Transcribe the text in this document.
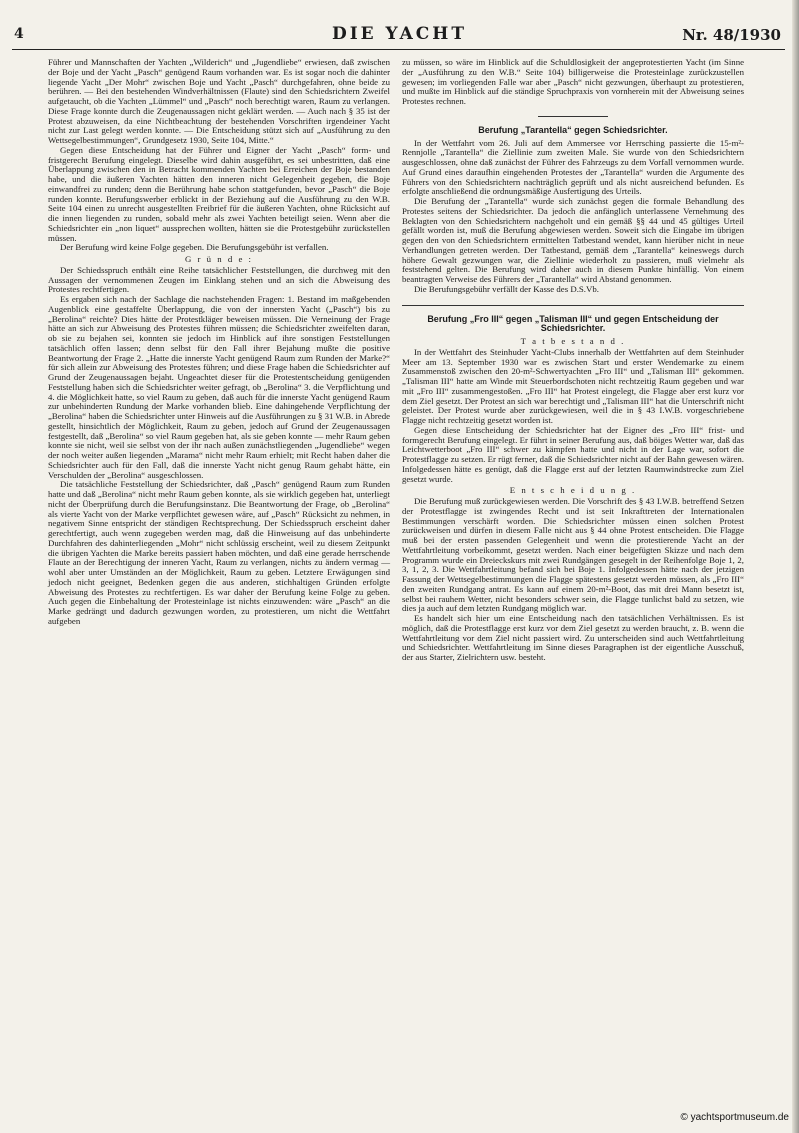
4	DIE YACHT	Nr. 48/1930

Führer und Mannschaften der Yachten „Wilderich“ und „Jugendliebe“ erwiesen, daß zwischen der Boje und der Yacht „Pasch“ genügend Raum vorhanden war. Es ist sogar noch die dahinter liegende Yacht „Der Mohr“ zwischen Boje und Yacht „Pasch“ durchgefahren, ohne beide zu berühren. — Bei den bestehenden Windverhältnissen (Flaute) sind den Schiedsrichtern Zweifel aufgetaucht, ob die Yachten „Lümmel“ und „Pasch“ noch berechtigt waren, Raum zu verlangen. Diese Frage konnte durch die Zeugenaussagen nicht geklärt werden. — Auch nach § 35 ist der Protest abzuweisen, da eine Nichtbeachtung der bestehenden Vorschriften irgendeiner Yacht nicht zur Last gelegt werden konnte. — Die Entscheidung stützt sich auf „Ausführung zu den Wettsegelbestimmungen“, Grundgesetz 1930, Seite 104, Mitte.“

Gegen diese Entscheidung hat der Führer und Eigner der Yacht „Pasch“ form- und fristgerecht Berufung eingelegt. Dieselbe wird dahin ausgeführt, es sei unbestritten, daß eine Überlappung zwischen den in Betracht kommenden Yachten bei Erreichen der Boje bestanden habe, und die äußeren Yachten hätten den inneren nicht Gelegenheit gegeben, die Boje einwandfrei zu runden; denn die Berührung habe schon stattgefunden, bevor „Pasch“ die Boje runden konnte. Berufungswerber erblickt in der Beziehung auf die Ausführung zu den W.B. Seite 104 einen zu unrecht ausgestellten Freibrief für die äußeren Yachten, ohne Rücksicht auf die innen liegenden zu runden, sobald mehr als zwei Yachten beteiligt seien. Wenn aber die Schiedsrichter ein „non liquet“ aussprechen wollten, hätten sie die Protestgebühr zurückstellen müssen.

Der Berufung wird keine Folge gegeben. Die Berufungsgebühr ist verfallen.

G r ü n d e :

Der Schiedsspruch enthält eine Reihe tatsächlicher Feststellungen, die durchweg mit den Aussagen der vernommenen Zeugen im Einklang stehen und an sich die Abweisung des Protestes rechtfertigen.

Es ergaben sich nach der Sachlage die nachstehenden Fragen: 1. Bestand im maßgebenden Augenblick eine gestaffelte Überlappung, die von der innersten Yacht („Pasch“) bis zu „Berolina“ reichte? Dies hätte der Protestkläger beweisen müssen. Die Verneinung der Frage hätte an sich zur Abweisung des Protestes führen müssen; die Schiedsrichter zweifelten daran, ob sie zu bejahen sei, konnten sie jedoch im Hinblick auf ihre sonstigen Feststellungen tatsächlich offen lassen; denn selbst für den Fall ihrer Bejahung mußte die positive Beantwortung der Frage 2. „Hatte die innerste Yacht genügend Raum zum Runden der Marke?“ für sich allein zur Abweisung des Protestes führen; und diese Frage haben die Schiedsrichter auf Grund der Zeugenaussagen bejaht. Ungeachtet dieser für die Protestentscheidung genügenden Feststellung haben sich die Schiedsrichter weiter gefragt, ob „Berolina“ 3. die Verpflichtung und 4. die Möglichkeit hatte, so viel Raum zu geben, daß auch für die innerste Yacht genügend Raum zur unbehinderten Rundung der Marke vorhanden blieb. Eine dahingehende Verpflichtung der „Berolina“ haben die Schiedsrichter unter Hinweis auf die Ausführungen zu § 31 W.B. in Abrede gestellt, hinsichtlich der Möglichkeit, Raum zu geben, jedoch auf Grund der Zeugenaussagen festgestellt, daß „Berolina“ so viel Raum gegeben hat, als sie geben konnte — mehr Raum geben konnte sie nicht, weil sie selbst von der ihr nach außen zunächstliegenden „Jugendliebe“ wegen der noch weiter außen liegenden „Marama“ nicht mehr Raum erhielt; mit Recht haben daher die Schiedsrichter auch für den Fall, daß die innerste Yacht nicht genug Raum gehabt hätte, ein Verschulden der „Berolina“ ausgeschlossen.

Die tatsächliche Feststellung der Schiedsrichter, daß „Pasch“ genügend Raum zum Runden hatte und daß „Berolina“ nicht mehr Raum geben konnte, als sie wirklich gegeben hat, unterliegt nicht der Überprüfung durch die Berufungsinstanz. Die Beantwortung der Frage, ob „Berolina“ als vierte Yacht von der Marke verpflichtet gewesen wäre, auf „Pasch“ Rücksicht zu nehmen, in negativem Sinne entspricht der ständigen Rechtsprechung. Der Schiedsspruch erscheint daher gerechtfertigt, auch wenn zugegeben werden mag, daß die Hinweisung auf das unbehinderte Durchfahren des dahinterliegenden „Mohr“ nicht schlüssig erscheint, weil zu diesem Zeitpunkt die übrigen Yachten die Marke bereits passiert haben möchten, und daß eine gerade herrschende Flaute an der Berechtigung der inneren Yacht, Raum zu verlangen, nichts zu ändern vermag — wohl aber unter Umständen an der Möglichkeit, Raum zu geben. Letztere Erwägungen sind jedoch nicht geeignet, Bedenken gegen die aus anderen, stichhaltigen Gründen erfolgte Abweisung des Protestes zu rechtfertigen. Es war daher der Berufung keine Folge zu geben. Auch gegen die Einbehaltung der Protesteinlage ist nichts einzuwenden: wäre „Pasch“ an die Marke gedrängt und dadurch gezwungen worden, zu protestieren, um nicht die Wettfahrt aufgeben

zu müssen, so wäre im Hinblick auf die Schuldlosigkeit der angeprotestierten Yacht (im Sinne der „Ausführung zu den W.B.“ Seite 104) billigerweise die Protesteinlage zurückzustellen gewesen; im vorliegenden Falle war aber „Pasch“ nicht gezwungen, überhaupt zu protestieren, und mußte im Hinblick auf die ständige Spruchpraxis von vornherein mit der Abweisung seines Protestes rechnen.

Berufung „Tarantella“ gegen Schiedsrichter.

In der Wettfahrt vom 26. Juli auf dem Ammersee vor Herrsching passierte die 15-m²-Rennjolle „Tarantella“ die Ziellinie zum zweiten Male. Sie wurde von den Schiedsrichtern ausgeschlossen, ohne daß zunächst der Führer des Fahrzeugs zu dem Vorfall vernommen wurde. Auf Grund eines daraufhin eingehenden Protestes der „Tarantella“ wurden die Argumente des Führers von den Schiedsrichtern nachträglich geprüft und als nicht ausreichend befunden. Es erfolgte anschließend die ordnungsmäßige Ausfertigung des Urteils.

Die Berufung der „Tarantella“ wurde sich zunächst gegen die formale Behandlung des Protestes seitens der Schiedsrichter. Da jedoch die anfänglich unterlassene Vernehmung des Beklagten von den Schiedsrichtern nachgeholt und ein gemäß §§ 44 und 45 gültiges Urteil gefällt worden ist, muß die Berufung abgewiesen werden. Soweit sich die Eingabe im übrigen gegen den von den Schiedsrichtern ermittelten Tatbestand wendet, kann hierüber nicht in neue Verhandlungen getreten werden. Der Tatbestand, gemäß dem „Tarantella“ keineswegs durch höhere Gewalt gezwungen war, die Ziellinie wiederholt zu passieren, muß vielmehr als feststehend gelten. Die Berufung wird daher auch in diesem Punkte hinfällig. Von einem beantragten Verweise des Führers der „Tarantella“ wird Abstand genommen.

Die Berufungsgebühr verfällt der Kasse des D.S.Vb.

Berufung „Fro III“ gegen „Talisman III“ und gegen Entscheidung der Schiedsrichter.
T a t b e s t a n d .

In der Wettfahrt des Steinhuder Yacht-Clubs innerhalb der Wettfahrten auf dem Steinhuder Meer am 13. September 1930 war es zwischen Start und erster Wendemarke zu einem Zusammenstoß zwischen den 20-m²-Schwertyachten „Fro III“ und „Talisman III“ gekommen. „Talisman III“ hatte am Winde mit Steuerbordschoten nicht rechtzeitig Raum gegeben und war mit „Fro III“ zusammengestoßen. „Fro III“ hat Protest eingelegt, die Flagge aber erst kurz vor dem Ziel gesetzt. Der Protest an sich war berechtigt und „Talisman III“ hat die Unterschrift nicht geleistet. Der Protest wurde aber zurückgewiesen, weil die in § 43 I.W.B. vorgeschriebene Flagge nicht rechtzeitig gesetzt worden ist.

Gegen diese Entscheidung der Schiedsrichter hat der Eigner des „Fro III“ frist- und formgerecht Berufung eingelegt. Er führt in seiner Berufung aus, daß böiges Wetter war, daß das Leichtwetterboot „Fro III“ schwer zu kämpfen hatte und nicht in der Lage war, sofort die Protestflagge zu setzen. Er rügt ferner, daß die Schiedsrichter nicht auf der Bahn gewesen wären. Infolgedessen hätte es genügt, daß die Flagge erst auf der letzten Raumwindstrecke zum Ziel gesetzt wurde.

E n t s c h e i d u n g .

Die Berufung muß zurückgewiesen werden. Die Vorschrift des § 43 I.W.B. betreffend Setzen der Protestflagge ist zwingendes Recht und ist seit Inkrafttreten der Internationalen Bestimmungen verschärft worden. Die Schiedsrichter müssen einen solchen Protest zurückweisen und dürfen in diesem Falle nicht aus § 44 ohne Protest entscheiden. Die Flagge muß bei der ersten passenden Gelegenheit und wenn die protestierende Yacht an der Wettfahrtleitung vorbeikommt, gesetzt werden. Nach einer beigefügten Skizze und nach dem Programm wurde ein Dreieckskurs mit zwei Rundgängen gesegelt in der Reihenfolge Boje 1, 2, 3, 1, 2, 3. Die Wettfahrtleitung befand sich bei Boje 1. Infolgedessen hätte nach der jetzigen Fassung der Wettsegelbestimmungen die Flagge spätestens gesetzt werden müssen, als „Fro III“ den zweiten Rundgang antrat. Es kann auf einem 20-m²-Boot, das mit drei Mann besetzt ist, selbst bei rauhem Wetter, nicht besonders schwer sein, die Flagge tunlichst bald zu setzen, wie dies ja auch auf dem letzten Rundgang möglich war.

Es handelt sich hier um eine Entscheidung nach den tatsächlichen Verhältnissen. Es ist möglich, daß die Protestflagge erst kurz vor dem Ziel gesetzt zu werden braucht, z. B. wenn die Wettfahrtleitung vor dem Ziel nicht passiert wird. Zu unterscheiden sind auch Wettfahrtleitung und Schiedsrichter. Wettfahrtleitung im Sinne dieses Paragraphen ist der eigentliche Ausschuß, der aus Starter, Zielrichtern usw. besteht.

© yachtsportmuseum.de
